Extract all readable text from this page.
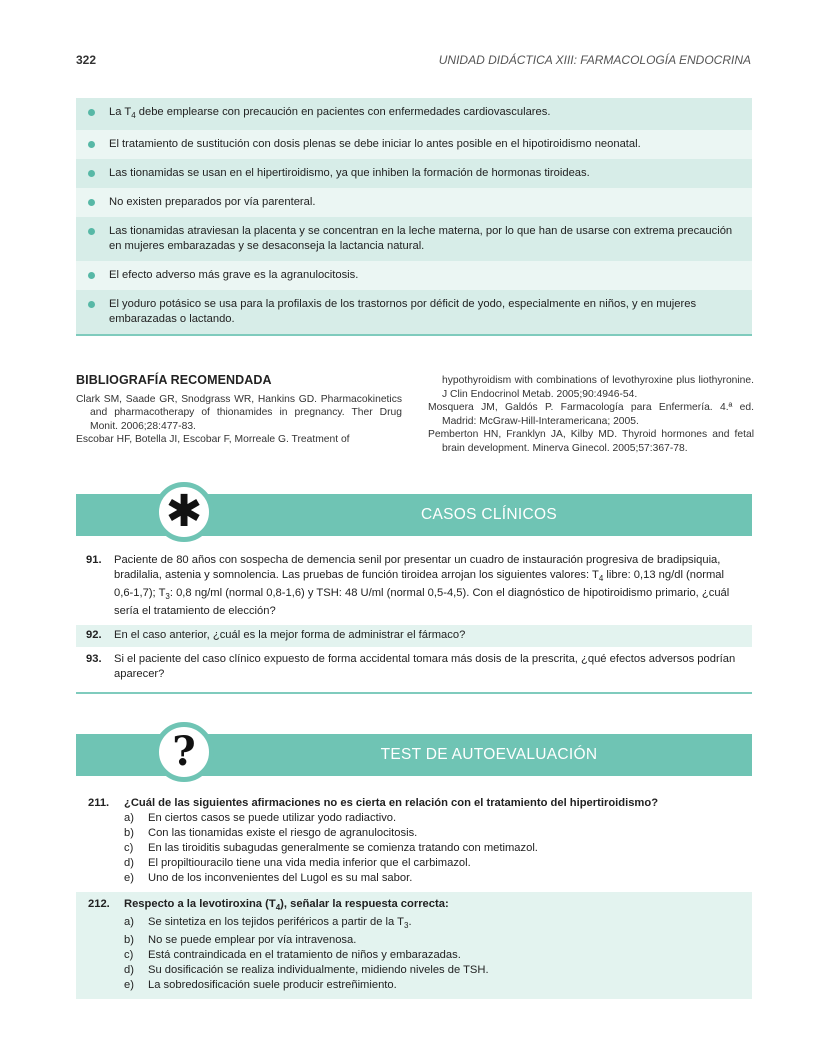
322	UNIDAD DIDÁCTICA XIII: FARMACOLOGÍA ENDOCRINA
La $T_4$ debe emplearse con precaución en pacientes con enfermedades cardiovasculares.
El tratamiento de sustitución con dosis plenas se debe iniciar lo antes posible en el hipotiroidismo neonatal.
Las tionamidas se usan en el hipertiroidismo, ya que inhiben la formación de hormonas tiroideas.
No existen preparados por vía parenteral.
Las tionamidas atraviesan la placenta y se concentran en la leche materna, por lo que han de usarse con extrema precaución en mujeres embarazadas y se desaconseja la lactancia natural.
El efecto adverso más grave es la agranulocitosis.
El yoduro potásico se usa para la profilaxis de los trastornos por déficit de yodo, especialmente en niños, y en mujeres embarazadas o lactando.
BIBLIOGRAFÍA RECOMENDADA

Clark SM, Saade GR, Snodgrass WR, Hankins GD. Pharmacokinetics and pharmacotherapy of thionamides in pregnancy. Ther Drug Monit. 2006;28:477-83.

Escobar HF, Botella JI, Escobar F, Morreale G. Treatment of

hypothyroidism with combinations of levothyroxine plus liothyronine. J Clin Endocrinol Metab. 2005;90:4946-54.

Mosquera JM, Galdós P. Farmacología para Enfermería. 4.ª ed. Madrid: McGraw-Hill-Interamericana; 2005.

Pemberton HN, Franklyn JA, Kilby MD. Thyroid hormones and fetal brain development. Minerva Ginecol. 2005;57:367-78.

✱	CASOS CLÍNICOS
91. Paciente de 80 años con sospecha de demencia senil por presentar un cuadro de instauración progresiva de bradipsiquia, bradilalia, astenia y somnolencia. Las pruebas de función tiroidea arrojan los siguientes valores: $T_4$ libre: 0,13 ng/dl (normal 0,6-1,7); $T_3$: 0,8 ng/ml (normal 0,8-1,6) y TSH: 48 U/ml (normal 0,5-4,5). Con el diagnóstico de hipotiroidismo primario, ¿cuál sería el tratamiento de elección?
92. En el caso anterior, ¿cuál es la mejor forma de administrar el fármaco?
93. Si el paciente del caso clínico expuesto de forma accidental tomara más dosis de la prescrita, ¿qué efectos adversos podrían aparecer?
?	TEST DE AUTOEVALUACIÓN
211. ¿Cuál de las siguientes afirmaciones no es cierta en relación con el tratamiento del hipertiroidismo?
a) En ciertos casos se puede utilizar yodo radiactivo.
b) Con las tionamidas existe el riesgo de agranulocitosis.
c) En las tiroiditis subagudas generalmente se comienza tratando con metimazol.
d) El propiltiouracilo tiene una vida media inferior que el carbimazol.
e) Uno de los inconvenientes del Lugol es su mal sabor.
212. Respecto a la levotiroxina $(T_4)$, señalar la respuesta correcta:
a) Se sintetiza en los tejidos periféricos a partir de la $T_3$.
b) No se puede emplear por vía intravenosa.
c) Está contraindicada en el tratamiento de niños y embarazadas.
d) Su dosificación se realiza individualmente, midiendo niveles de TSH.
e) La sobredosificación suele producir estreñimiento.
